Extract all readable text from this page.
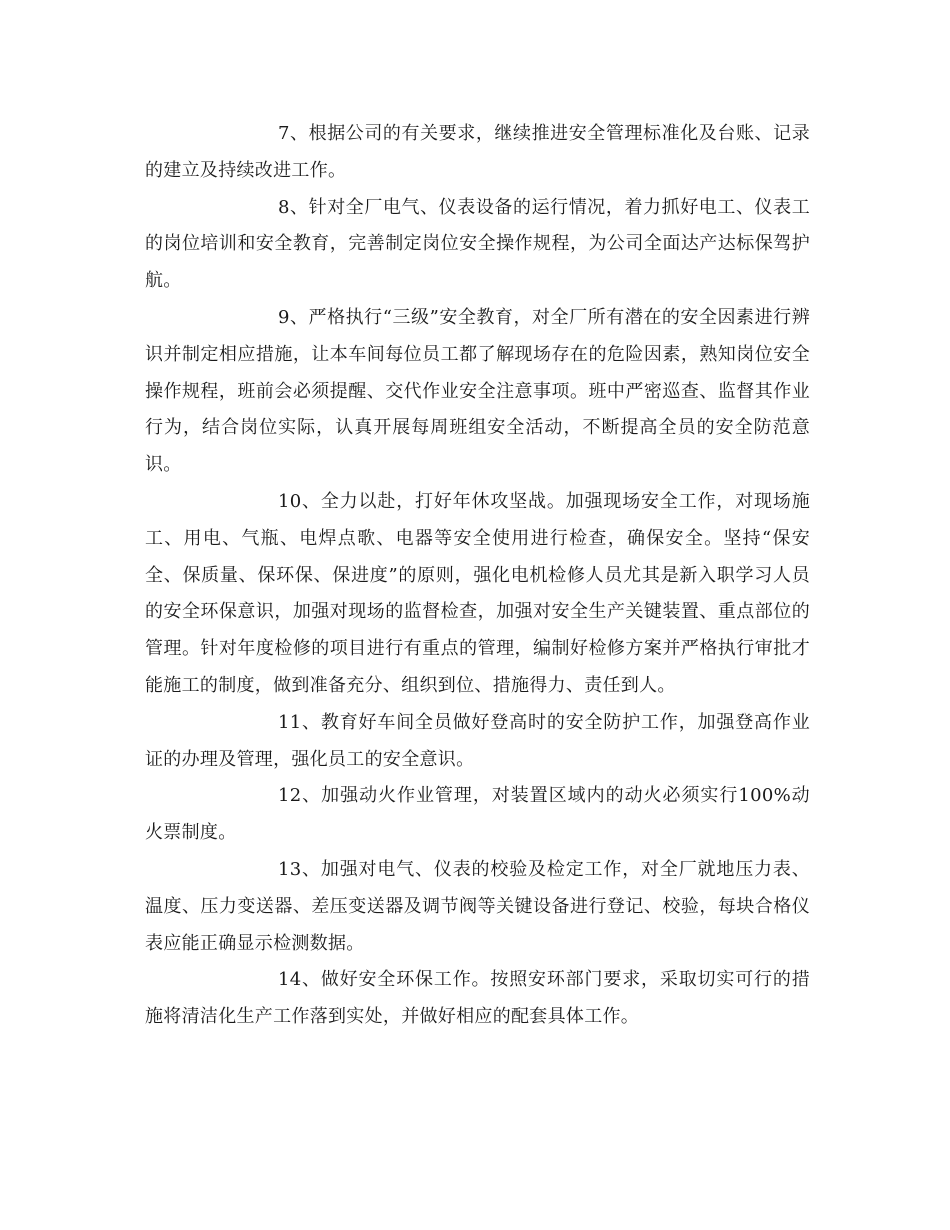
7、根据公司的有关要求，继续推进安全管理标准化及台账、记录的建立及持续改进工作。

8、针对全厂电气、仪表设备的运行情况，着力抓好电工、仪表工的岗位培训和安全教育，完善制定岗位安全操作规程，为公司全面达产达标保驾护航。

9、严格执行“三级”安全教育，对全厂所有潜在的安全因素进行辨识并制定相应措施，让本车间每位员工都了解现场存在的危险因素，熟知岗位安全操作规程，班前会必须提醒、交代作业安全注意事项。班中严密巡查、监督其作业行为，结合岗位实际，认真开展每周班组安全活动，不断提高全员的安全防范意识。

10、全力以赴，打好年休攻坚战。加强现场安全工作，对现场施工、用电、气瓶、电焊点歌、电器等安全使用进行检查，确保安全。坚持“保安全、保质量、保环保、保进度”的原则，强化电机检修人员尤其是新入职学习人员的安全环保意识，加强对现场的监督检查，加强对安全生产关键装置、重点部位的管理。针对年度检修的项目进行有重点的管理，编制好检修方案并严格执行审批才能施工的制度，做到准备充分、组织到位、措施得力、责任到人。

11、教育好车间全员做好登高时的安全防护工作，加强登高作业证的办理及管理，强化员工的安全意识。

12、加强动火作业管理，对装置区域内的动火必须实行100%动火票制度。

13、加强对电气、仪表的校验及检定工作，对全厂就地压力表、温度、压力变送器、差压变送器及调节阀等关键设备进行登记、校验，每块合格仪表应能正确显示检测数据。

14、做好安全环保工作。按照安环部门要求，采取切实可行的措施将清洁化生产工作落到实处，并做好相应的配套具体工作。
